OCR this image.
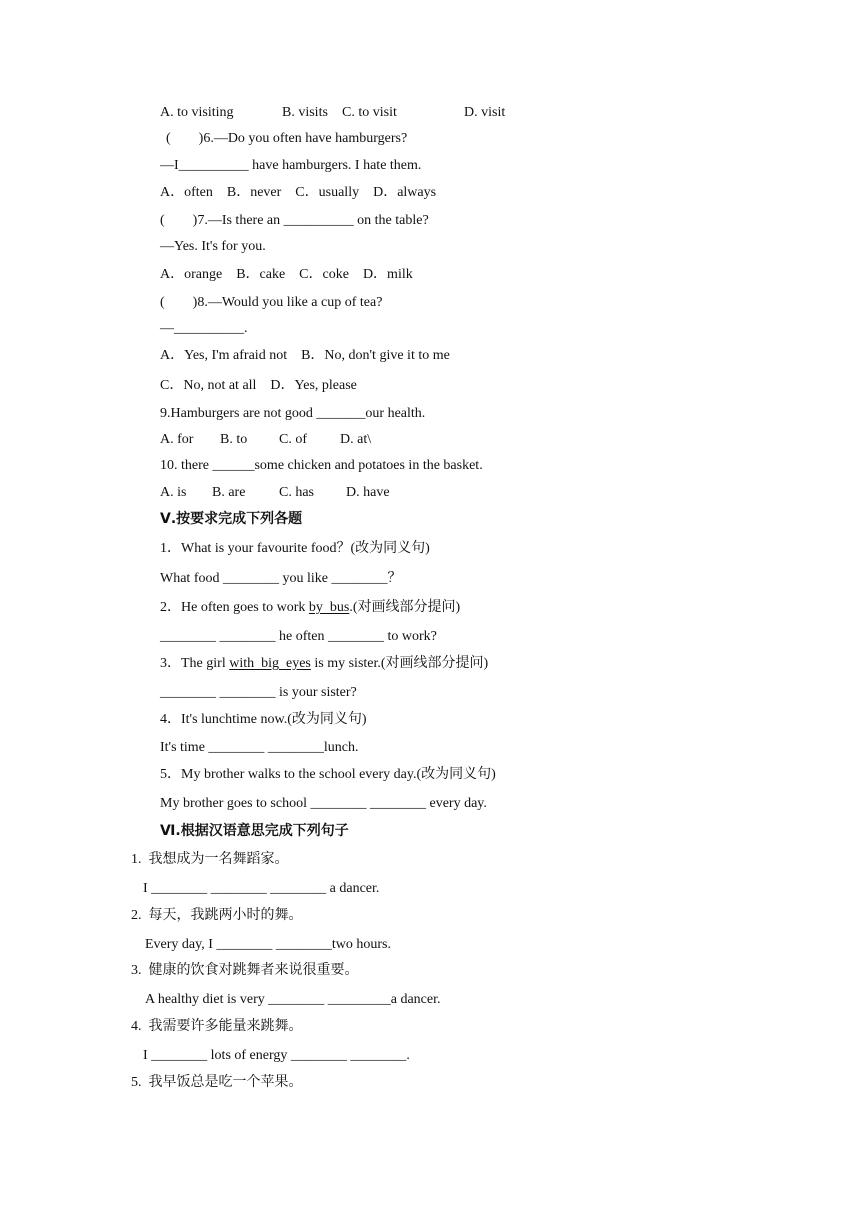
A. to visiting	B. visits C. to visit	D. visit
(        )6.—Do you often have hamburgers?
—I__________ have hamburgers. I hate them.
A．often    B．never    C．usually    D．always
(        )7.—Is there an __________ on the table?
—Yes. It's for you.
A．orange    B．cake    C．coke    D．milk
(        )8.—Would you like a cup of tea?
—__________.
A．Yes, I'm afraid not    B．No, don't give it to me
C．No, not at all    D．Yes, please
9.Hamburgers are not good _______our health.
A. for B. to C. of D. at\
10. there ______some chicken and potatoes in the basket.
A. is B. are C. has D. have
Ⅴ.按要求完成下列各题
1．What is your favourite food？(改为同义句)
What food ________ you like ________？
2．He often goes to work by  bus.(对画线部分提问)
________ ________ he often ________ to work?
3．The girl with  big  eyes is my sister.(对画线部分提问)
________ ________ is your sister?
4．It's lunchtime now.(改为同义句)
It's time ________ ________lunch.
5．My brother walks to the school every day.(改为同义句)
My brother goes to school ________ ________ every day.
Ⅵ.根据汉语意思完成下列句子
1.  我想成为一名舞蹈家。
I ________ ________ ________ a dancer.
2.  每天，我跳两小时的舞。
Every day, I ________ ________two hours.
3.  健康的饮食对跳舞者来说很重要。
A healthy diet is very ________ _________a dancer.
4.  我需要许多能量来跳舞。
I ________ lots of energy ________ ________.
5.  我早饭总是吃一个苹果。
